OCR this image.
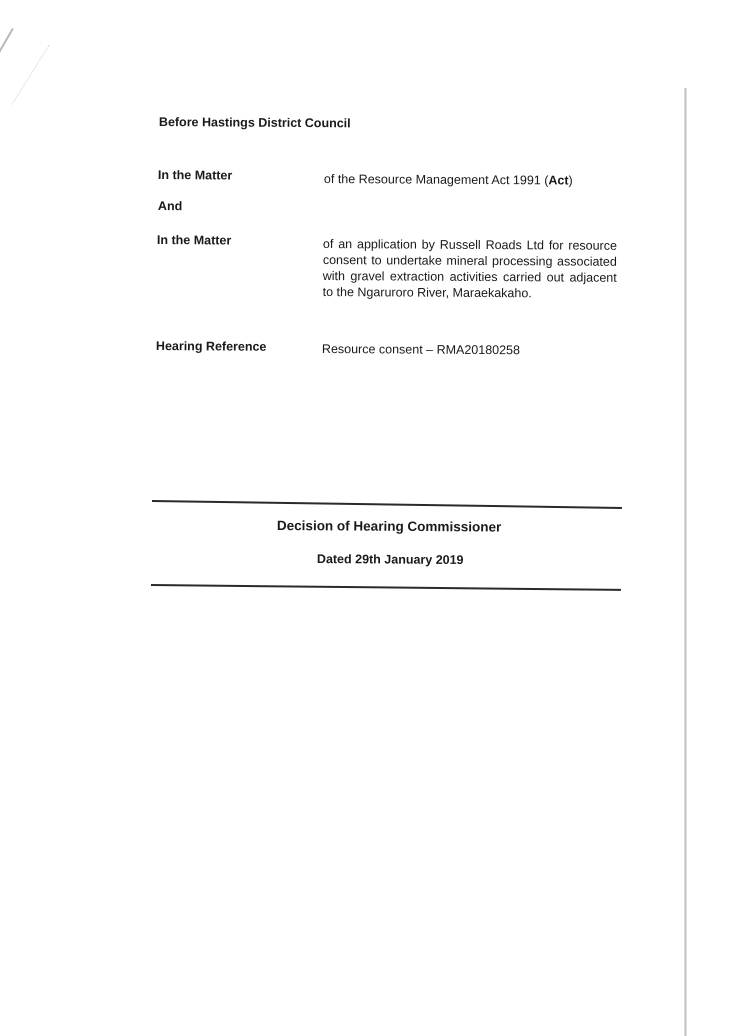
Before Hastings District Council
In the Matter	of the Resource Management Act 1991 (Act)
And
In the Matter	of an application by Russell Roads Ltd for resource consent to undertake mineral processing associated with gravel extraction activities carried out adjacent to the Ngaruroro River, Maraekakaho.
Hearing Reference	Resource consent – RMA20180258
Decision of Hearing Commissioner
Dated 29th January 2019
